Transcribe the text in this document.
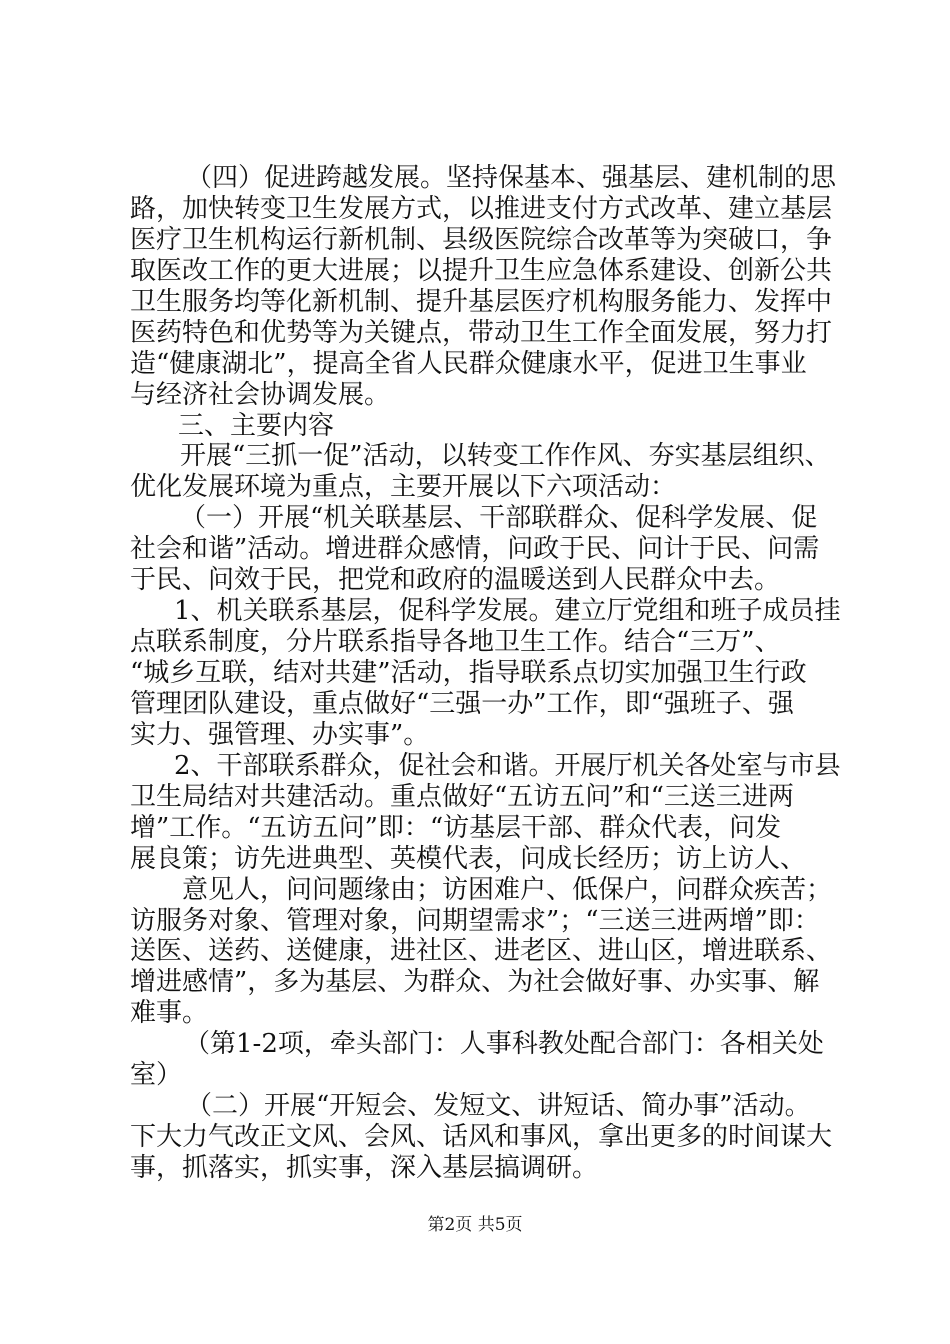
（四）促进跨越发展。坚持保基本、强基层、建机制的思
路，加快转变卫生发展方式，以推进支付方式改革、建立基层
医疗卫生机构运行新机制、县级医院综合改革等为突破口，争
取医改工作的更大进展；以提升卫生应急体系建设、创新公共
卫生服务均等化新机制、提升基层医疗机构服务能力、发挥中
医药特色和优势等为关键点，带动卫生工作全面发展，努力打
造“健康湖北”，提高全省人民群众健康水平，促进卫生事业
与经济社会协调发展。
三、主要内容
开展“三抓一促”活动，以转变工作作风、夯实基层组织、
优化发展环境为重点，主要开展以下六项活动：
（一）开展“机关联基层、干部联群众、促科学发展、促
社会和谐”活动。增进群众感情，问政于民、问计于民、问需
于民、问效于民，把党和政府的温暖送到人民群众中去。
1、机关联系基层，促科学发展。建立厅党组和班子成员挂
点联系制度，分片联系指导各地卫生工作。结合“三万”、
“城乡互联，结对共建”活动，指导联系点切实加强卫生行政
管理团队建设，重点做好“三强一办”工作，即“强班子、强
实力、强管理、办实事”。
2、干部联系群众，促社会和谐。开展厅机关各处室与市县
卫生局结对共建活动。重点做好“五访五问”和“三送三进两
增”工作。“五访五问”即：“访基层干部、群众代表，问发
展良策；访先进典型、英模代表，问成长经历；访上访人、
意见人，问问题缘由；访困难户、低保户，问群众疾苦；
访服务对象、管理对象，问期望需求”；“三送三进两增”即：
送医、送药、送健康，进社区、进老区、进山区，增进联系、
增进感情”，多为基层、为群众、为社会做好事、办实事、解
难事。
（第1-2项，牵头部门：人事科教处配合部门：各相关处
室）
（二）开展“开短会、发短文、讲短话、简办事”活动。
下大力气改正文风、会风、话风和事风，拿出更多的时间谋大
事，抓落实，抓实事，深入基层搞调研。
第2页 共5页
